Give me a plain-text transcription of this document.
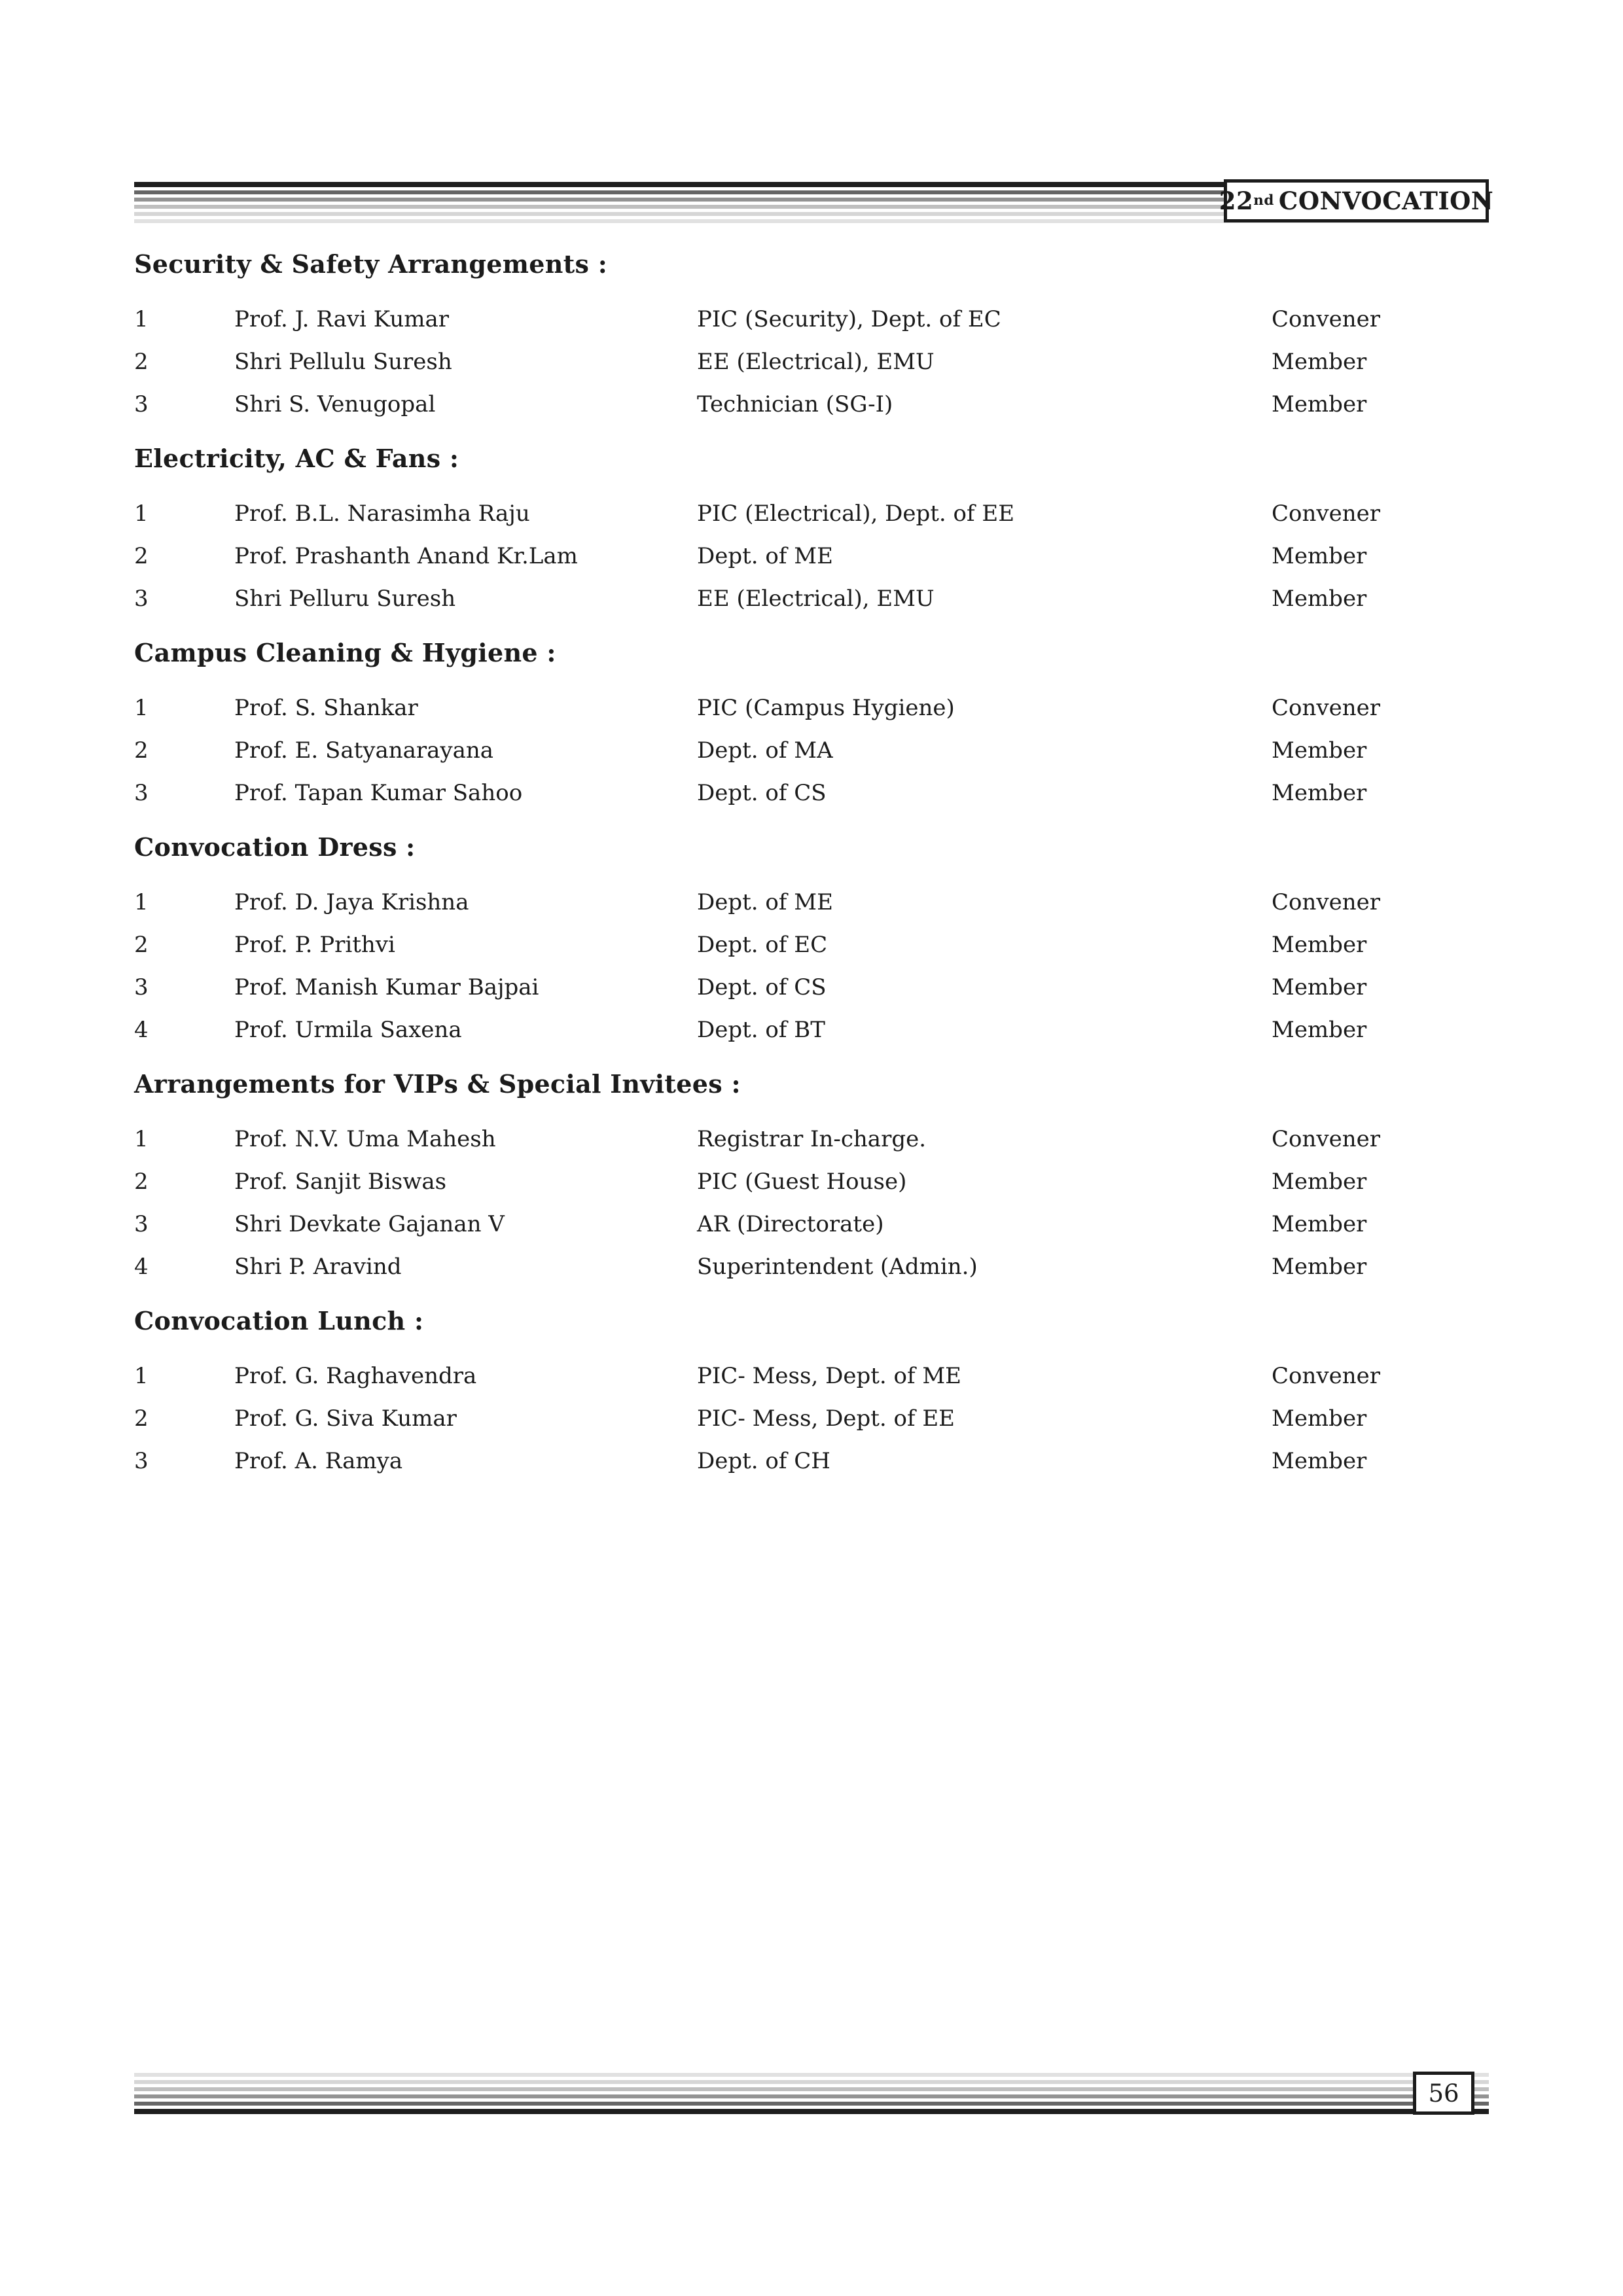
22 nd CONVOCATION
Security & Safety Arrangements :
1	Prof. J. Ravi Kumar	PIC (Security), Dept. of EC	Convener
2	Shri Pellulu Suresh	EE (Electrical), EMU	Member
3	Shri S. Venugopal	Technician (SG-I)	Member
Electricity, AC & Fans :
1	Prof. B.L. Narasimha Raju	PIC (Electrical), Dept. of EE	Convener
2	Prof. Prashanth Anand Kr.Lam	Dept. of ME	Member
3	Shri Pelluru Suresh	EE (Electrical), EMU	Member
Campus Cleaning & Hygiene :
1	Prof. S. Shankar	PIC (Campus Hygiene)	Convener
2	Prof. E. Satyanarayana	Dept. of MA	Member
3	Prof. Tapan Kumar Sahoo	Dept. of CS	Member
Convocation Dress :
1	Prof. D. Jaya Krishna	Dept. of ME	Convener
2	Prof. P. Prithvi	Dept. of EC	Member
3	Prof. Manish Kumar Bajpai	Dept. of CS	Member
4	Prof. Urmila Saxena	Dept. of BT	Member
Arrangements for VIPs & Special Invitees :
1	Prof. N.V. Uma Mahesh	Registrar In-charge.	Convener
2	Prof. Sanjit Biswas	PIC (Guest House)	Member
3	Shri Devkate Gajanan V	AR (Directorate)	Member
4	Shri P. Aravind	Superintendent (Admin.)	Member
Convocation Lunch :
1	Prof. G. Raghavendra	PIC- Mess, Dept. of ME	Convener
2	Prof. G. Siva Kumar	PIC- Mess, Dept. of EE	Member
3	Prof. A. Ramya	Dept. of CH	Member
56
